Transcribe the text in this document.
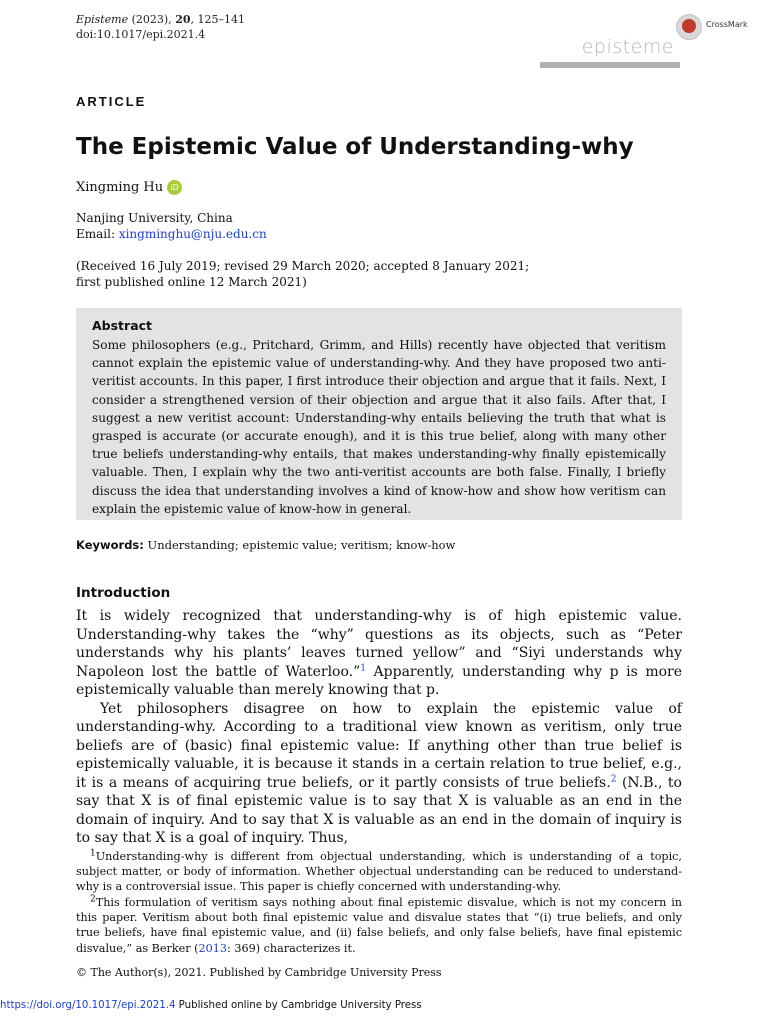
Episteme (2023), 20, 125–141
doi:10.1017/epi.2021.4
episteme
CrossMark
ARTICLE
The Epistemic Value of Understanding-why
Xingming Hu iD
Nanjing University, China
Email: xingminghu@nju.edu.cn
(Received 16 July 2019; revised 29 March 2020; accepted 8 January 2021;
first published online 12 March 2021)
Abstract
Some philosophers (e.g., Pritchard, Grimm, and Hills) recently have objected that veritism cannot explain the epistemic value of understanding-why. And they have proposed two anti-veritist accounts. In this paper, I first introduce their objection and argue that it fails. Next, I consider a strengthened version of their objection and argue that it also fails. After that, I suggest a new veritist account: Understanding-why entails believing the truth that what is grasped is accurate (or accurate enough), and it is this true belief, along with many other true beliefs understanding-why entails, that makes understanding-why finally epistemically valuable. Then, I explain why the two anti-veritist accounts are both false. Finally, I briefly discuss the idea that understanding involves a kind of know-how and show how veritism can explain the epistemic value of know-how in general.
Keywords: Understanding; epistemic value; veritism; know-how
Introduction

It is widely recognized that understanding-why is of high epistemic value. Understanding-why takes the “why” questions as its objects, such as “Peter understands why his plants’ leaves turned yellow” and “Siyi understands why Napoleon lost the battle of Waterloo.”$^1$ Apparently, understanding why p is more epistemically valuable than merely knowing that p.

Yet philosophers disagree on how to explain the epistemic value of understanding-why. According to a traditional view known as veritism, only true beliefs are of (basic) final epistemic value: If anything other than true belief is epistemically valuable, it is because it stands in a certain relation to true belief, e.g., it is a means of acquiring true beliefs, or it partly consists of true beliefs.$^2$ (N.B., to say that X is of final epistemic value is to say that X is valuable as an end in the domain of inquiry. And to say that X is valuable as an end in the domain of inquiry is to say that X is a goal of inquiry. Thus,

$^1$Understanding-why is different from objectual understanding, which is understanding of a topic, subject matter, or body of information. Whether objectual understanding can be reduced to understand-why is a controversial issue. This paper is chiefly concerned with understanding-why.
$^2$This formulation of veritism says nothing about final epistemic disvalue, which is not my concern in this paper. Veritism about both final epistemic value and disvalue states that “(i) true beliefs, and only true beliefs, have final epistemic value, and (ii) false beliefs, and only false beliefs, have final epistemic disvalue,” as Berker (2013: 369) characterizes it.
© The Author(s), 2021. Published by Cambridge University Press
https://doi.org/10.1017/epi.2021.4 Published online by Cambridge University Press
